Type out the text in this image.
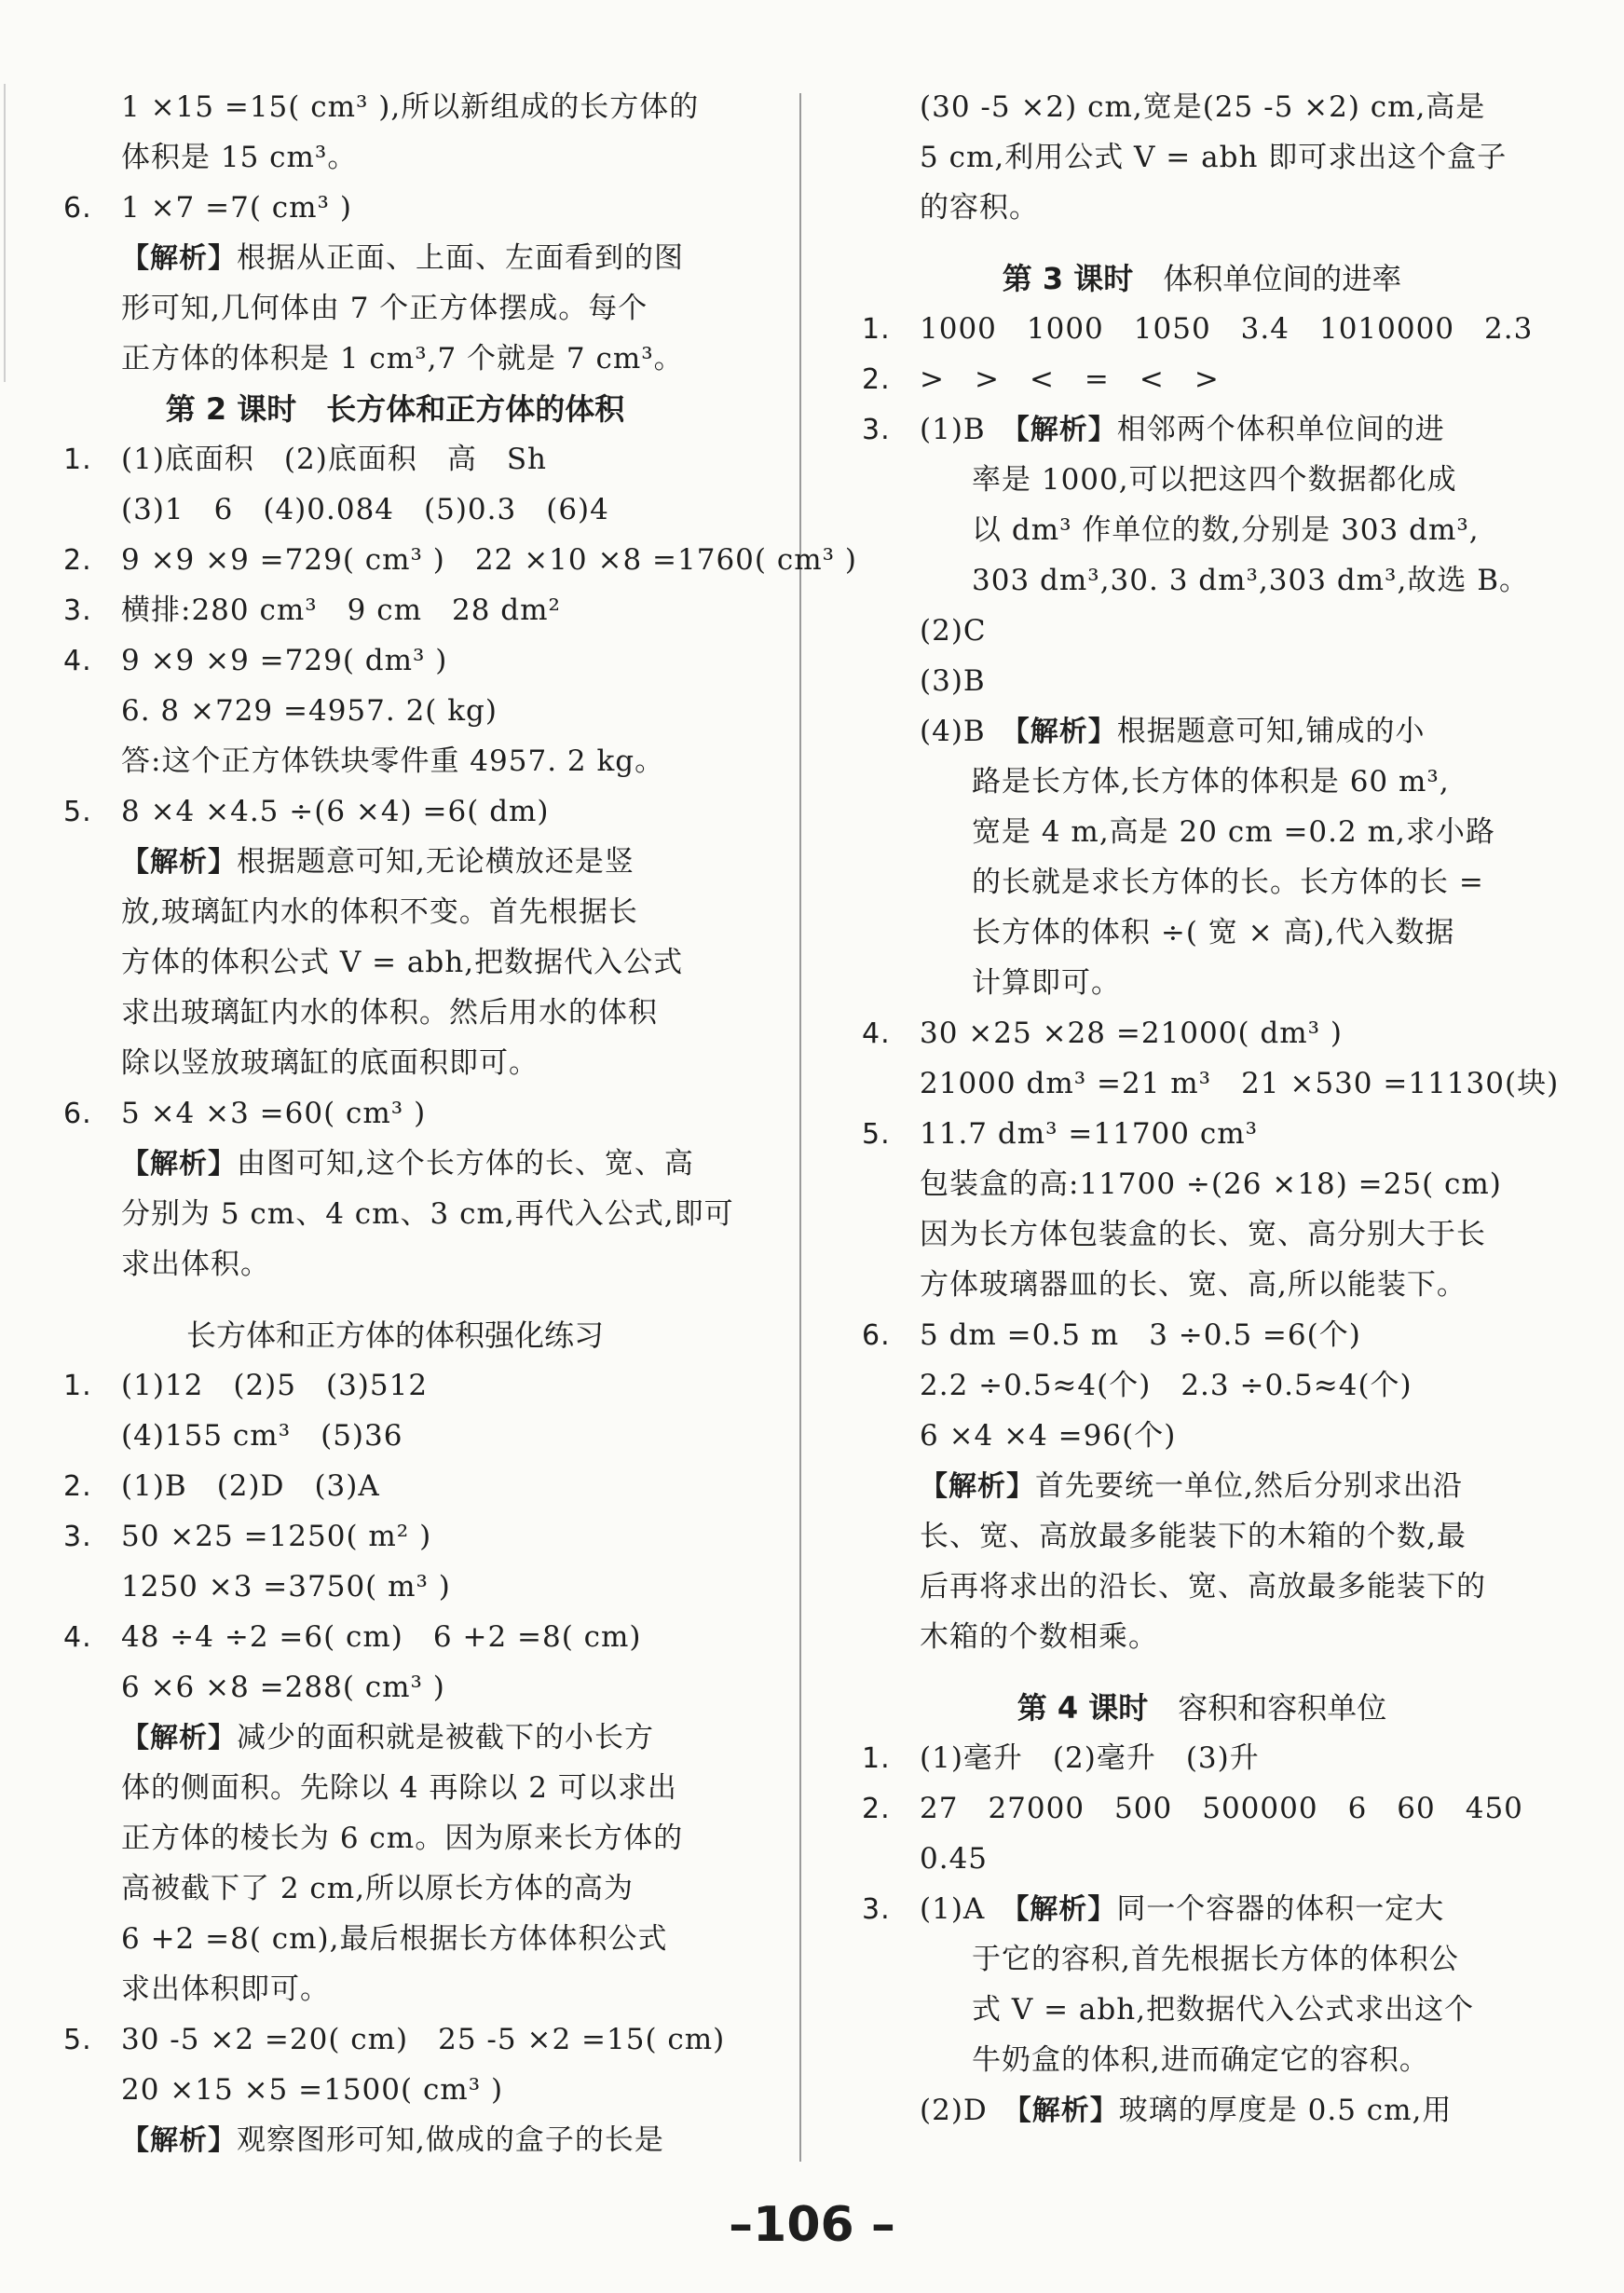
1 ×15 =15( cm³ ),所以新组成的长方体的
体积是 15 cm³。
6. 1 ×7 =7( cm³ )
【解析】根据从正面、上面、左面看到的图
形可知,几何体由 7 个正方体摆成。每个
正方体的体积是 1 cm³,7 个就是 7 cm³。
第 2 课时　长方体和正方体的体积
1. (1)底面积　(2)底面积　高　Sh
(3)1　6　(4)0.084　(5)0.3　(6)4
2. 9 ×9 ×9 =729( cm³ )　22 ×10 ×8 =1760( cm³ )
3. 横排:280 cm³　9 cm　28 dm²
4. 9 ×9 ×9 =729( dm³ )
6. 8 ×729 =4957. 2( kg)
答:这个正方体铁块零件重 4957. 2 kg。
5. 8 ×4 ×4.5 ÷(6 ×4) =6( dm)
【解析】根据题意可知,无论横放还是竖
放,玻璃缸内水的体积不变。首先根据长
方体的体积公式 V = abh,把数据代入公式
求出玻璃缸内水的体积。然后用水的体积
除以竖放玻璃缸的底面积即可。
6. 5 ×4 ×3 =60( cm³ )
【解析】由图可知,这个长方体的长、宽、高
分别为 5 cm、4 cm、3 cm,再代入公式,即可
求出体积。
长方体和正方体的体积强化练习
1. (1)12　(2)5　(3)512
(4)155 cm³　(5)36
2. (1)B　(2)D　(3)A
3. 50 ×25 =1250( m² )
1250 ×3 =3750( m³ )
4. 48 ÷4 ÷2 =6( cm)　6 +2 =8( cm)
6 ×6 ×8 =288( cm³ )
【解析】减少的面积就是被截下的小长方
体的侧面积。先除以 4 再除以 2 可以求出
正方体的棱长为 6 cm。因为原来长方体的
高被截下了 2 cm,所以原长方体的高为
6 +2 =8( cm),最后根据长方体体积公式
求出体积即可。
5. 30 -5 ×2 =20( cm)　25 -5 ×2 =15( cm)
20 ×15 ×5 =1500( cm³ )
【解析】观察图形可知,做成的盒子的长是
(30 -5 ×2) cm,宽是(25 -5 ×2) cm,高是
5 cm,利用公式 V = abh 即可求出这个盒子
的容积。
第 3 课时　 体积单位间的进率
1. 1000　1000　1050　3.4　1010000　2.3
2. >　>　<　=　<　>
3. (1)B　 【解析】相邻两个体积单位间的进
率是 1000,可以把这四个数据都化成
以 dm³ 作单位的数,分别是 303 dm³,
303 dm³,30. 3 dm³,303 dm³,故选 B。
(2)C
(3)B
(4)B　 【解析】根据题意可知,铺成的小
路是长方体,长方体的体积是 60 m³,
宽是 4 m,高是 20 cm =0.2 m,求小路
的长就是求长方体的长。长方体的长 =
长方体的体积 ÷( 宽 × 高),代入数据
计算即可。
4. 30 ×25 ×28 =21000( dm³ )
21000 dm³ =21 m³　21 ×530 =11130(块)
5. 11.7 dm³ =11700 cm³
包装盒的高:11700 ÷(26 ×18) =25( cm)
因为长方体包装盒的长、宽、高分别大于长
方体玻璃器皿的长、宽、高,所以能装下。
6. 5 dm =0.5 m　3 ÷0.5 =6(个)
2.2 ÷0.5≈4(个)　2.3 ÷0.5≈4(个)
6 ×4 ×4 =96(个)
【解析】首先要统一单位,然后分别求出沿
长、宽、高放最多能装下的木箱的个数,最
后再将求出的沿长、宽、高放最多能装下的
木箱的个数相乘。
第 4 课时　 容积和容积单位
1. (1)毫升　(2)毫升　(3)升
2. 27　27000　500　500000　6　60　450
0.45
3. (1)A　 【解析】同一个容器的体积一定大
于它的容积,首先根据长方体的体积公
式 V = abh,把数据代入公式求出这个
牛奶盒的体积,进而确定它的容积。
(2)D　 【解析】玻璃的厚度是 0.5 cm,用
–106 –
